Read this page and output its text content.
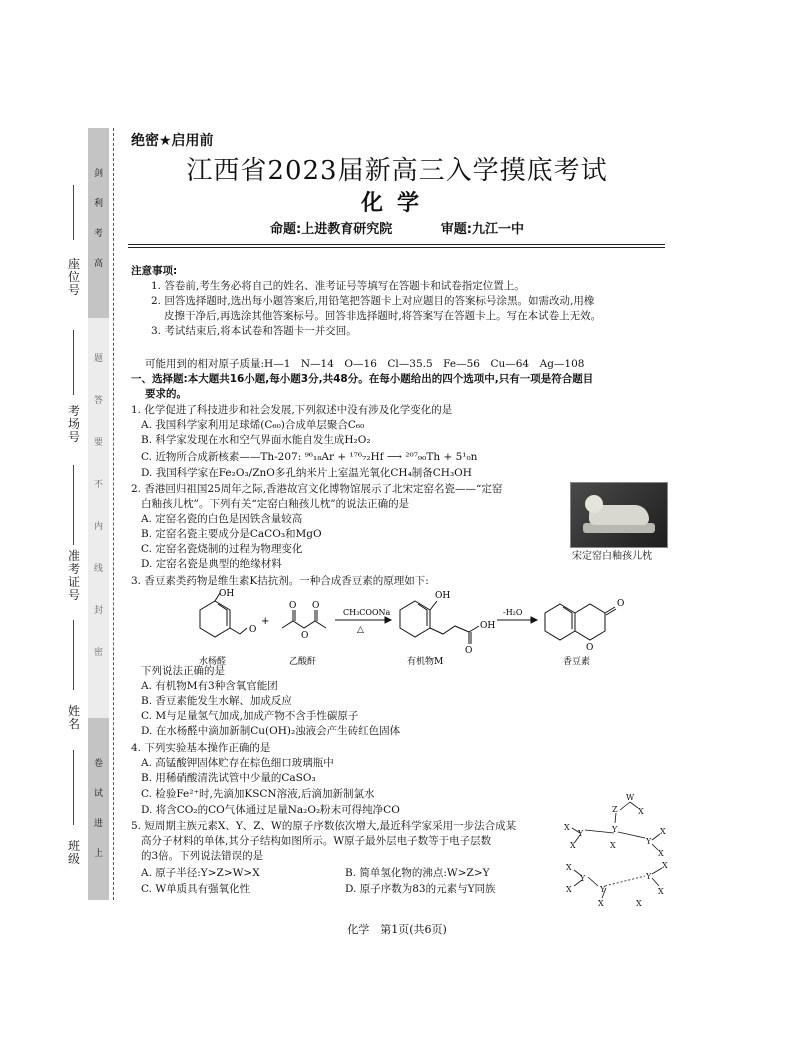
剑
利
考
高
题
答
要
不
内
线
封
密
卷
试
进
上
座位号
考场号
准考证号
姓名
班级
绝密★启用前
江西省2023届新高三入学摸底考试
化学
命题:上进教育研究院	审题:九江一中
注意事项:
1. 答卷前,考生务必将自己的姓名、准考证号等填写在答题卡和试卷指定位置上。
2. 回答选择题时,选出每小题答案后,用铅笔把答题卡上对应题目的答案标号涂黑。如需改动,用橡
皮擦干净后,再选涂其他答案标号。回答非选择题时,将答案写在答题卡上。写在本试卷上无效。
3. 考试结束后,将本试卷和答题卡一并交回。
可能用到的相对原子质量:H—1　N—14　O—16　Cl—35.5　Fe—56　Cu—64　Ag—108
一、选择题:本大题共16小题,每小题3分,共48分。在每小题给出的四个选项中,只有一项是符合题目
要求的。
1. 化学促进了科技进步和社会发展,下列叙述中没有涉及化学变化的是
A. 我国科学家利用足球烯(C₆₀)合成单层聚合C₆₀
B. 科学家发现在水和空气界面水能自发生成H₂O₂
C. 近物所合成新核素——Th-207: ⁹⁶₁₈Ar + ¹⁷⁶₇₂Hf ⟶ ²⁰⁷₉₀Th + 5¹₀n
D. 我国科学家在Fe₂O₃/ZnO多孔纳米片上室温光氧化CH₄制备CH₃OH
2. 香港回归祖国25周年之际,香港故宫文化博物馆展示了北宋定窑名瓷——“定窑
白釉孩儿枕”。下列有关“定窑白釉孩儿枕”的说法正确的是
A. 定窑名瓷的白色是因铁含量较高
B. 定窑名瓷主要成分是CaCO₃和MgO
C. 定窑名瓷烧制的过程为物理变化
D. 定窑名瓷是典型的绝缘材料
宋定窑白釉孩儿枕
3. 香豆素类药物是维生素K拮抗剂。一种合成香豆素的原理如下:
OH
O
+
O
O
O
CH₃COONa
△
OH
O
OH
-H₂O
O
O
水杨醛	乙酸酐	有机物M	香豆素
下列说法正确的是
A. 有机物M有3种含氧官能团
B. 香豆素能发生水解、加成反应
C. M与足量氢气加成,加成产物不含手性碳原子
D. 在水杨醛中滴加新制Cu(OH)₂浊液会产生砖红色固体
4. 下列实验基本操作正确的是
A. 高锰酸钾固体贮存在棕色细口玻璃瓶中
B. 用稀硝酸清洗试管中少量的CaSO₃
C. 检验Fe²⁺时,先滴加KSCN溶液,后滴加新制氯水
D. 将含CO₂的CO气体通过足量Na₂O₂粉末可得纯净CO
5. 短周期主族元素X、Y、Z、W的原子序数依次增大,最近科学家采用一步法合成某
高分子材料的单体,其分子结构如图所示。W原子最外层电子数等于电子层数
的3倍。下列说法错误的是
A. 原子半径:Y>Z>W>X	B. 简单氢化物的沸点:W>Z>Y
C. W单质具有强氧化性	D. 原子序数为83的元素与Y同族
Z
W
X
Y
Y
X
X	X	Y
X
X
Y
X
X	Y
X
Y
X
X
X
化学　第1页(共6页)
